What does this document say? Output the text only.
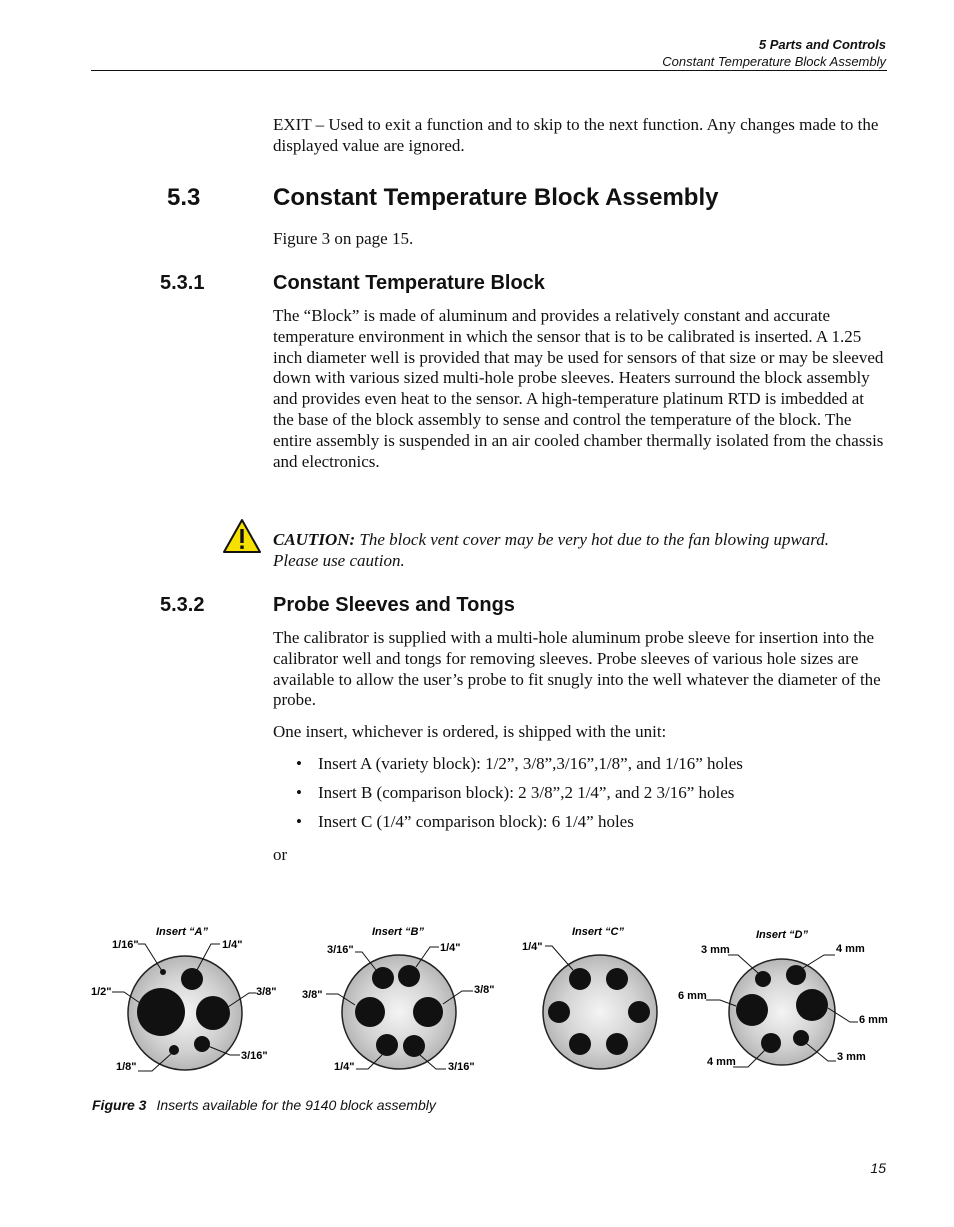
5 Parts and Controls
Constant Temperature Block Assembly
EXIT – Used to exit a function and to skip to the next function. Any changes made to the displayed value are ignored.
5.3	Constant Temperature Block Assembly
Figure 3 on page 15.
5.3.1	Constant Temperature Block
The “Block” is made of aluminum and provides a relatively constant and accurate temperature environment in which the sensor that is to be calibrated is inserted. A 1.25 inch diameter well is provided that may be used for sensors of that size or may be sleeved down with various sized multi-hole probe sleeves. Heaters surround the block assembly and provides even heat to the sensor. A high-temperature platinum RTD is imbedded at the base of the block assembly to sense and control the temperature of the block. The entire assembly is suspended in an air cooled chamber thermally isolated from the chassis and electronics.
CAUTION: The block vent cover may be very hot due to the fan blowing upward. Please use caution.
5.3.2	Probe Sleeves and Tongs
The calibrator is supplied with a multi-hole aluminum probe sleeve for insertion into the calibrator well and tongs for removing sleeves. Probe sleeves of various hole sizes are available to allow the user’s probe to fit snugly into the well whatever the diameter of the probe.
One insert, whichever is ordered, is shipped with the unit:
• Insert A (variety block): 1/2”, 3/8”,3/16”,1/8”, and 1/16” holes
• Insert B (comparison block): 2 3/8”,2 1/4”, and 2 3/16” holes
• Insert C (1/4” comparison block): 6 1/4” holes
or
Insert “A”
1/16"	1/4"
1/2"	3/8"
1/8"
3/16"
Insert “B”
3/16"	1/4"
3/8"	3/8"
1/4"	3/16"
Insert “C”
1/4"
Insert “D”
3 mm	4 mm
6 mm
6 mm
4 mm	3 mm
Figure 3 Inserts available for the 9140 block assembly
15
